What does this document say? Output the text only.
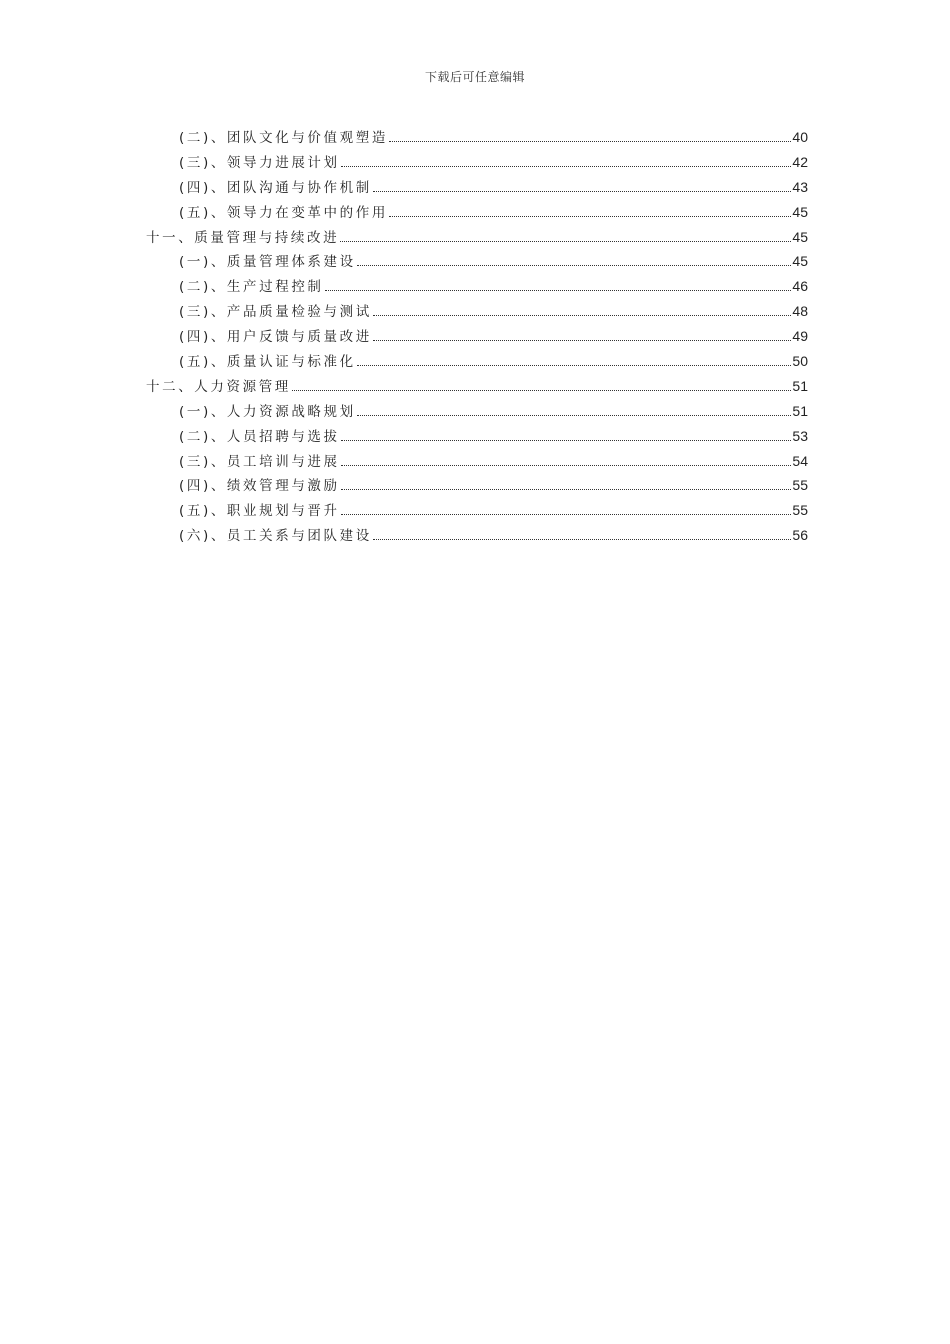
下载后可任意编辑
(二)、团队文化与价值观塑造	40
(三)、领导力进展计划	42
(四)、团队沟通与协作机制	43
(五)、领导力在变革中的作用	45
十一、质量管理与持续改进	45
(一)、质量管理体系建设	45
(二)、生产过程控制	46
(三)、产品质量检验与测试	48
(四)、用户反馈与质量改进	49
(五)、质量认证与标准化	50
十二、人力资源管理	51
(一)、人力资源战略规划	51
(二)、人员招聘与选拔	53
(三)、员工培训与进展	54
(四)、绩效管理与激励	55
(五)、职业规划与晋升	55
(六)、员工关系与团队建设	56
